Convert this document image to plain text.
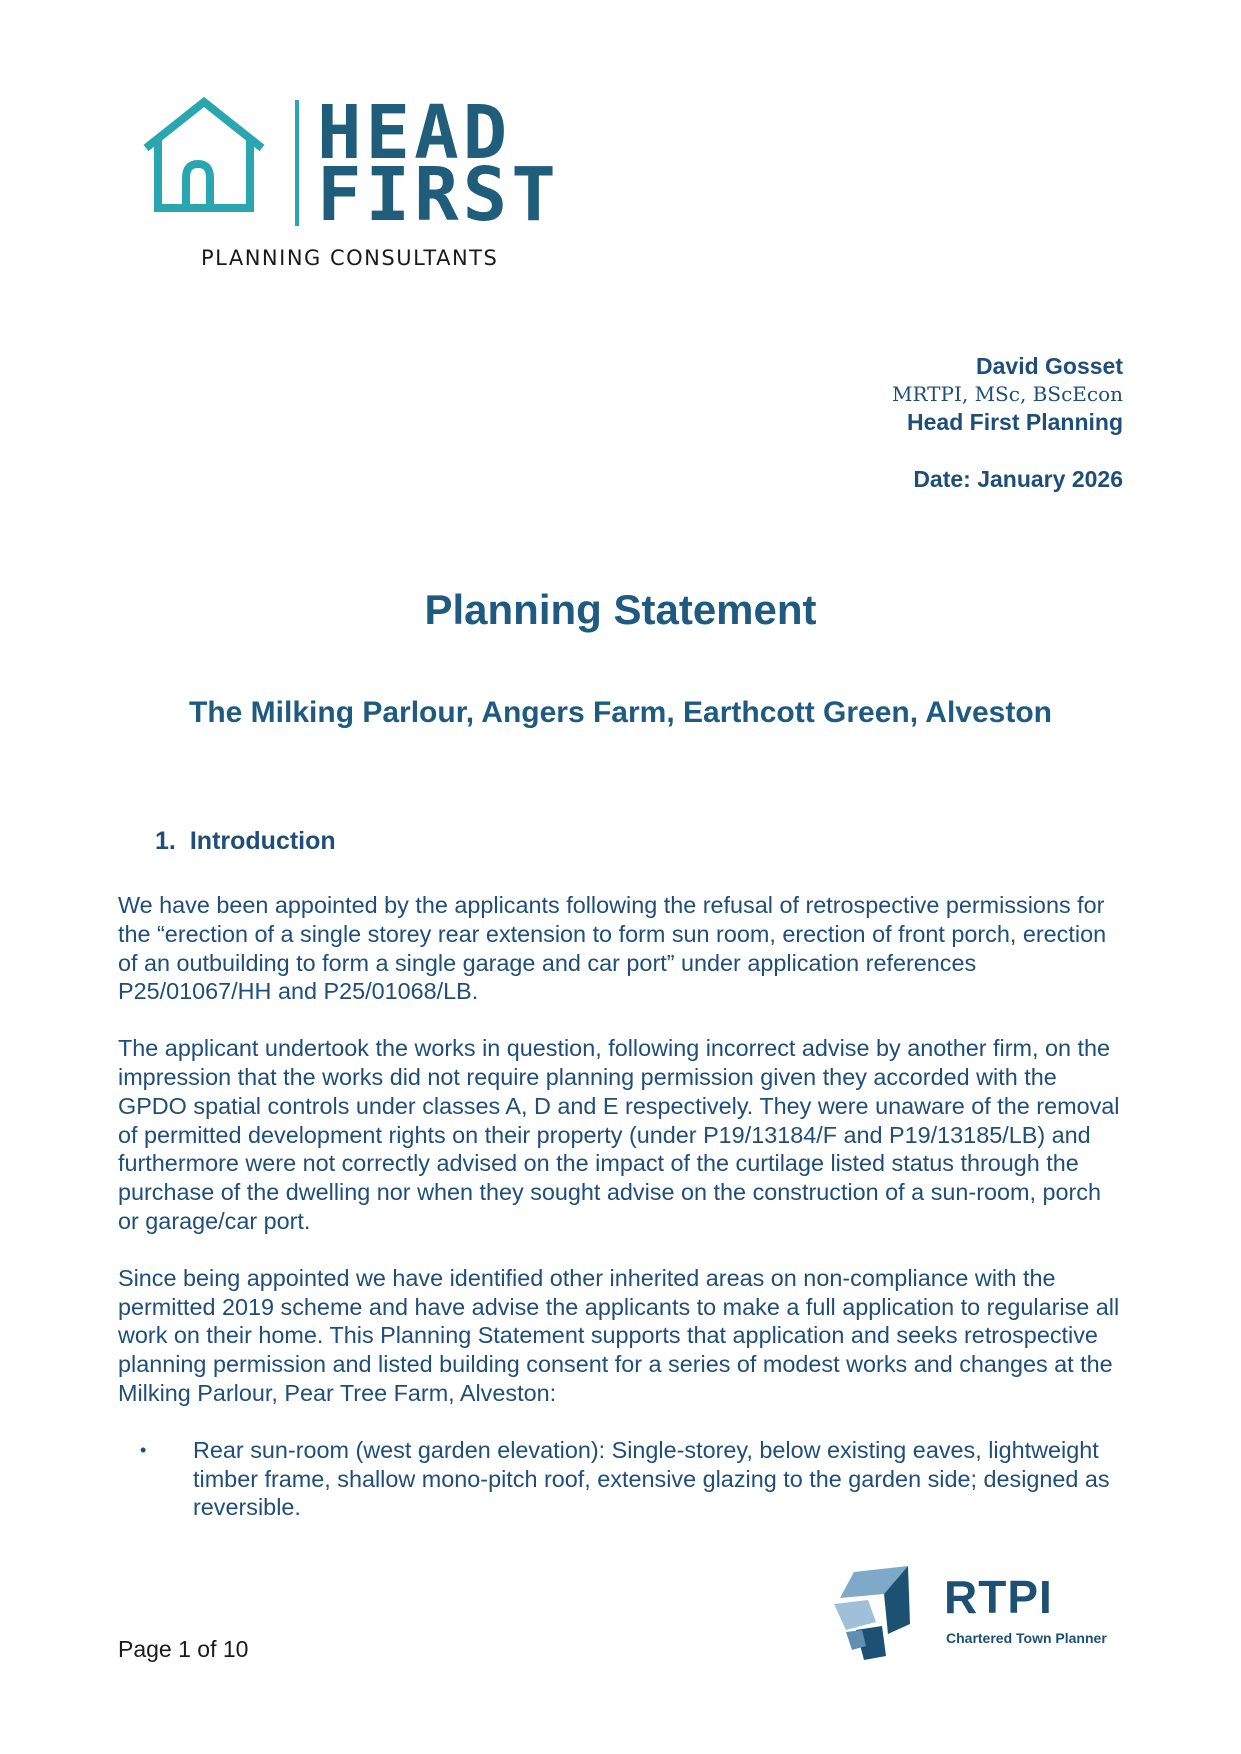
HEAD
FIRST
PLANNING CONSULTANTS
David Gosset
MRTPI, MSc, BScEcon
Head First Planning
Date: January 2026
Planning Statement
The Milking Parlour, Angers Farm, Earthcott Green, Alveston
1. Introduction

We have been appointed by the applicants following the refusal of retrospective permissions for the “erection of a single storey rear extension to form sun room, erection of front porch, erection of an outbuilding to form a single garage and car port” under application references P25/01067/HH and P25/01068/LB.

The applicant undertook the works in question, following incorrect advise by another firm, on the impression that the works did not require planning permission given they accorded with the GPDO spatial controls under classes A, D and E respectively. They were unaware of the removal of permitted development rights on their property (under P19/13184/F and P19/13185/LB) and furthermore were not correctly advised on the impact of the curtilage listed status through the purchase of the dwelling nor when they sought advise on the construction of a sun-room, porch or garage/car port.

Since being appointed we have identified other inherited areas on non-compliance with the permitted 2019 scheme and have advise the applicants to make a full application to regularise all work on their home. This Planning Statement supports that application and seeks retrospective planning permission and listed building consent for a series of modest works and changes at the Milking Parlour, Pear Tree Farm, Alveston:

• Rear sun-room (west garden elevation): Single-storey, below existing eaves, lightweight timber frame, shallow mono-pitch roof, extensive glazing to the garden side; designed as reversible.
Page 1 of 10
RTPI
Chartered Town Planner
